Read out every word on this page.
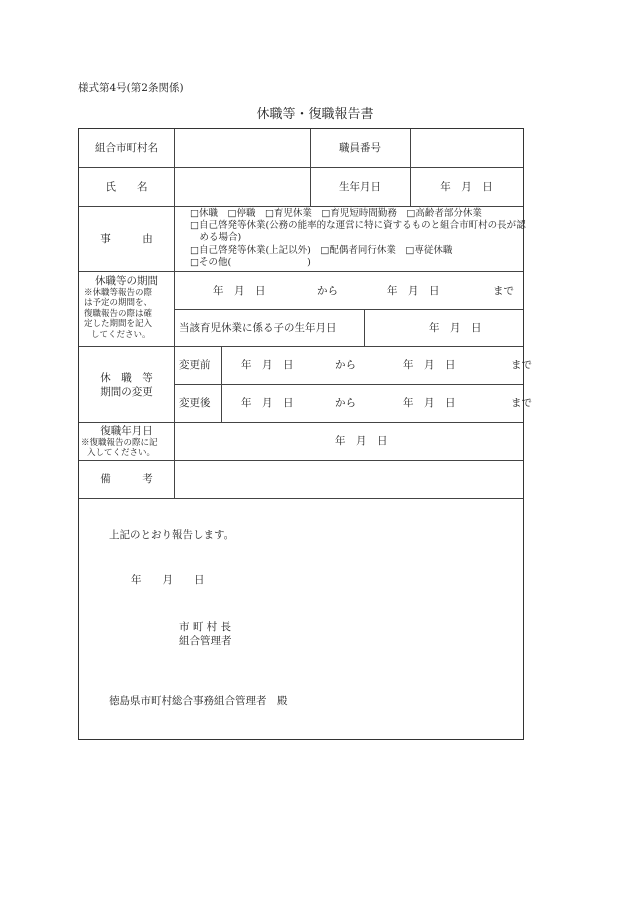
様式第4号(第2条関係)
休職等・復職報告書
組合市町村名	職員番号
氏　　名	生年月日	年　月　日
事　　　由
□休職　□停職　□育児休業　□育児短時間勤務　□高齢者部分休業
□自己啓発等休業(公務の能率的な運営に特に資するものと組合市町村の長が認
　める場合)
□自己啓発等休業(上記以外)　□配偶者同行休業　□専従休職
□その他(　　　　　　　　)
休職等の期間
※休職等報告の際
は予定の期間を、
復職報告の際は確
定した期間を記入
してください。
年　月　日	から	年　月　日	まで
当該育児休業に係る子の生年月日	年　月　日
休　職　等
期間の変更
変更前	年　月　日	から	年　月　日	まで
変更後	年　月　日	から	年　月　日	まで
復職年月日
※復職報告の際に記
入してください。
年　月　日
備　　　考
上記のとおり報告します。
年　　月　　日
市 町 村 長
組合管理者
徳島県市町村総合事務組合管理者　殿
